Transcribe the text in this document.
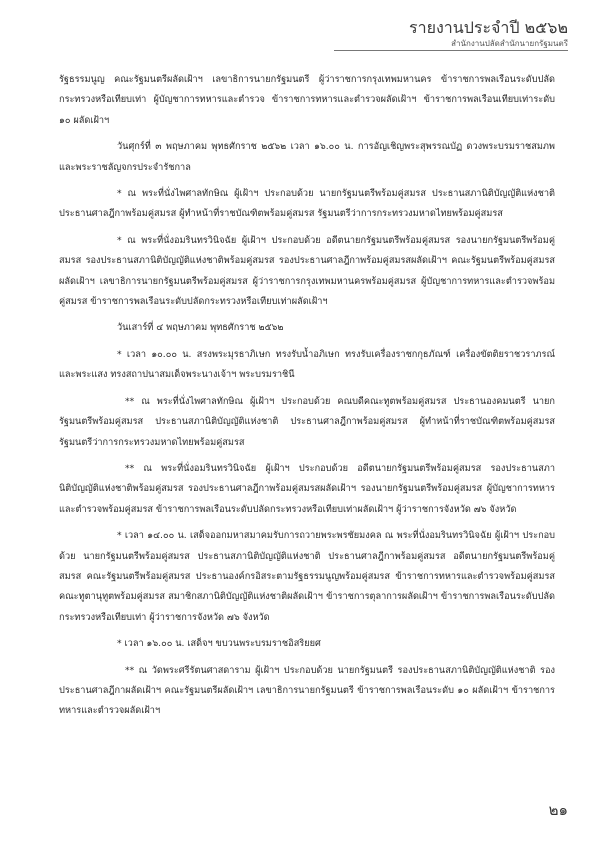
รายงานประจำปี ๒๕๖๒
สำนักงานปลัดสำนักนายกรัฐมนตรี

รัฐธรรมนูญ คณะรัฐมนตรีผลัดเฝ้าฯ เลขาธิการนายกรัฐมนตรี ผู้ว่าราชการกรุงเทพมหานคร ข้าราชการพลเรือนระดับปลัดกระทรวงหรือเทียบเท่า ผู้บัญชาการทหารและตำรวจ ข้าราชการทหารและตำรวจผลัดเฝ้าฯ ข้าราชการพลเรือนเทียบเท่าระดับ ๑๐ ผลัดเฝ้าฯ

วันศุกร์ที่ ๓ พฤษภาคม พุทธศักราช ๒๕๖๒ เวลา ๑๖.๐๐ น. การอัญเชิญพระสุพรรณบัฏ ดวงพระบรมราชสมภพ และพระราชลัญจกรประจำรัชกาล

* ณ พระที่นั่งไพศาลทักษิณ ผู้เฝ้าฯ ประกอบด้วย นายกรัฐมนตรีพร้อมคู่สมรส ประธานสภานิติบัญญัติแห่งชาติ ประธานศาลฎีกาพร้อมคู่สมรส ผู้ทำหน้าที่ราชบัณฑิตพร้อมคู่สมรส รัฐมนตรีว่าการกระทรวงมหาดไทยพร้อมคู่สมรส

* ณ พระที่นั่งอมรินทรวินิจฉัย ผู้เฝ้าฯ ประกอบด้วย อดีตนายกรัฐมนตรีพร้อมคู่สมรส รองนายกรัฐมนตรีพร้อมคู่สมรส รองประธานสภานิติบัญญัติแห่งชาติพร้อมคู่สมรส รองประธานศาลฎีกาพร้อมคู่สมรสผลัดเฝ้าฯ คณะรัฐมนตรีพร้อมคู่สมรสผลัดเฝ้าฯ เลขาธิการนายกรัฐมนตรีพร้อมคู่สมรส ผู้ว่าราชการกรุงเทพมหานครพร้อมคู่สมรส ผู้บัญชาการทหารและตำรวจพร้อมคู่สมรส ข้าราชการพลเรือนระดับปลัดกระทรวงหรือเทียบเท่าผลัดเฝ้าฯ

วันเสาร์ที่ ๔ พฤษภาคม พุทธศักราช ๒๕๖๒

* เวลา ๑๐.๐๐ น. สรงพระมุรธาภิเษก ทรงรับน้ำอภิเษก ทรงรับเครื่องราชกกุธภัณฑ์ เครื่องขัตติยราชวราภรณ์ และพระแสง ทรงสถาปนาสมเด็จพระนางเจ้าฯ พระบรมราชินี

** ณ พระที่นั่งไพศาลทักษิณ ผู้เฝ้าฯ ประกอบด้วย คณบดีคณะทูตพร้อมคู่สมรส ประธานองคมนตรี นายกรัฐมนตรีพร้อมคู่สมรส ประธานสภานิติบัญญัติแห่งชาติ ประธานศาลฎีกาพร้อมคู่สมรส ผู้ทำหน้าที่ราชบัณฑิตพร้อมคู่สมรส รัฐมนตรีว่าการกระทรวงมหาดไทยพร้อมคู่สมรส

** ณ พระที่นั่งอมรินทรวินิจฉัย ผู้เฝ้าฯ ประกอบด้วย อดีตนายกรัฐมนตรีพร้อมคู่สมรส รองประธานสภานิติบัญญัติแห่งชาติพร้อมคู่สมรส รองประธานศาลฎีกาพร้อมคู่สมรสผลัดเฝ้าฯ รองนายกรัฐมนตรีพร้อมคู่สมรส ผู้บัญชาการทหารและตำรวจพร้อมคู่สมรส ข้าราชการพลเรือนระดับปลัดกระทรวงหรือเทียบเท่าผลัดเฝ้าฯ ผู้ว่าราชการจังหวัด ๗๖ จังหวัด

* เวลา ๑๔.๐๐ น. เสด็จออกมหาสมาคมรับการถวายพระพรชัยมงคล ณ พระที่นั่งอมรินทรวินิจฉัย ผู้เฝ้าฯ ประกอบด้วย นายกรัฐมนตรีพร้อมคู่สมรส ประธานสภานิติบัญญัติแห่งชาติ ประธานศาลฎีกาพร้อมคู่สมรส อดีตนายกรัฐมนตรีพร้อมคู่สมรส คณะรัฐมนตรีพร้อมคู่สมรส ประธานองค์กรอิสระตามรัฐธรรมนูญพร้อมคู่สมรส ข้าราชการทหารและตำรวจพร้อมคู่สมรส คณะทูตานุทูตพร้อมคู่สมรส สมาชิกสภานิติบัญญัติแห่งชาติผลัดเฝ้าฯ ข้าราชการตุลาการผลัดเฝ้าฯ ข้าราชการพลเรือนระดับปลัดกระทรวงหรือเทียบเท่า ผู้ว่าราชการจังหวัด ๗๖ จังหวัด

* เวลา ๑๖.๐๐ น. เสด็จฯ ขบวนพระบรมราชอิสริยยศ

** ณ วัดพระศรีรัตนศาสดาราม ผู้เฝ้าฯ ประกอบด้วย นายกรัฐมนตรี รองประธานสภานิติบัญญัติแห่งชาติ รองประธานศาลฎีกาผลัดเฝ้าฯ คณะรัฐมนตรีผลัดเฝ้าฯ เลขาธิการนายกรัฐมนตรี ข้าราชการพลเรือนระดับ ๑๐ ผลัดเฝ้าฯ ข้าราชการทหารและตำรวจผลัดเฝ้าฯ

๒๑
